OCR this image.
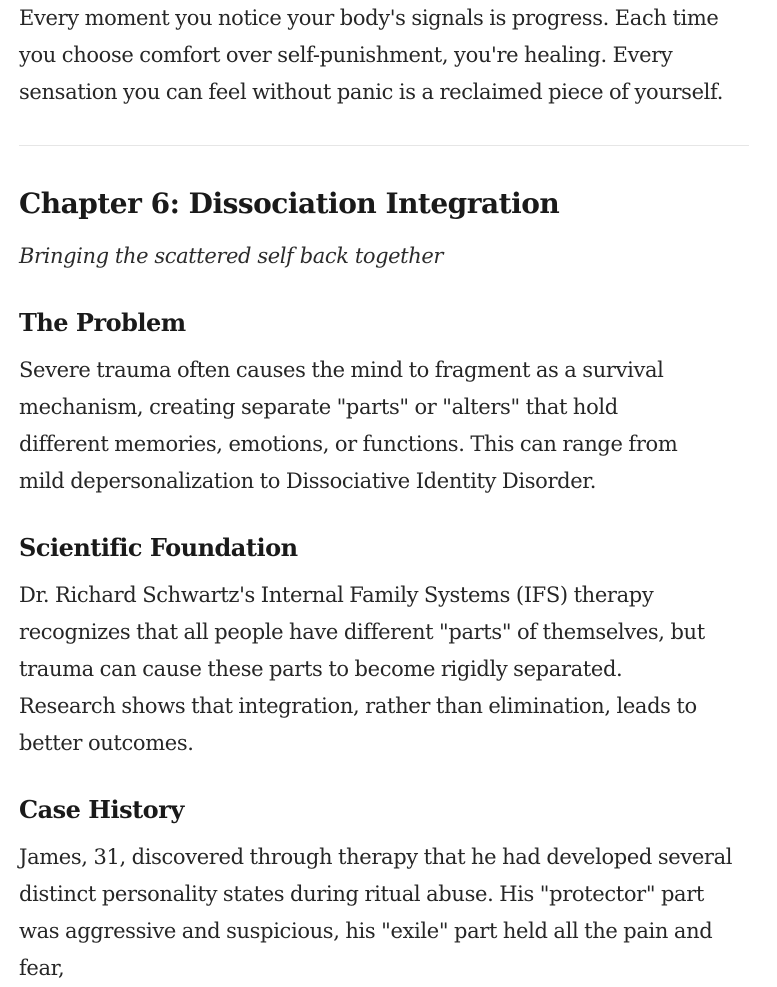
Every moment you notice your body's signals is progress. Each time you choose comfort over self-punishment, you're healing. Every sensation you can feel without panic is a reclaimed piece of yourself.

Chapter 6: Dissociation Integration

Bringing the scattered self back together

The Problem

Severe trauma often causes the mind to fragment as a survival mechanism, creating separate "parts" or "alters" that hold different memories, emotions, or functions. This can range from mild depersonalization to Dissociative Identity Disorder.

Scientific Foundation

Dr. Richard Schwartz's Internal Family Systems (IFS) therapy recognizes that all people have different "parts" of themselves, but trauma can cause these parts to become rigidly separated. Research shows that integration, rather than elimination, leads to better outcomes.

Case History

James, 31, discovered through therapy that he had developed several distinct personality states during ritual abuse. His "protector" part was aggressive and suspicious, his "exile" part held all the pain and fear,
